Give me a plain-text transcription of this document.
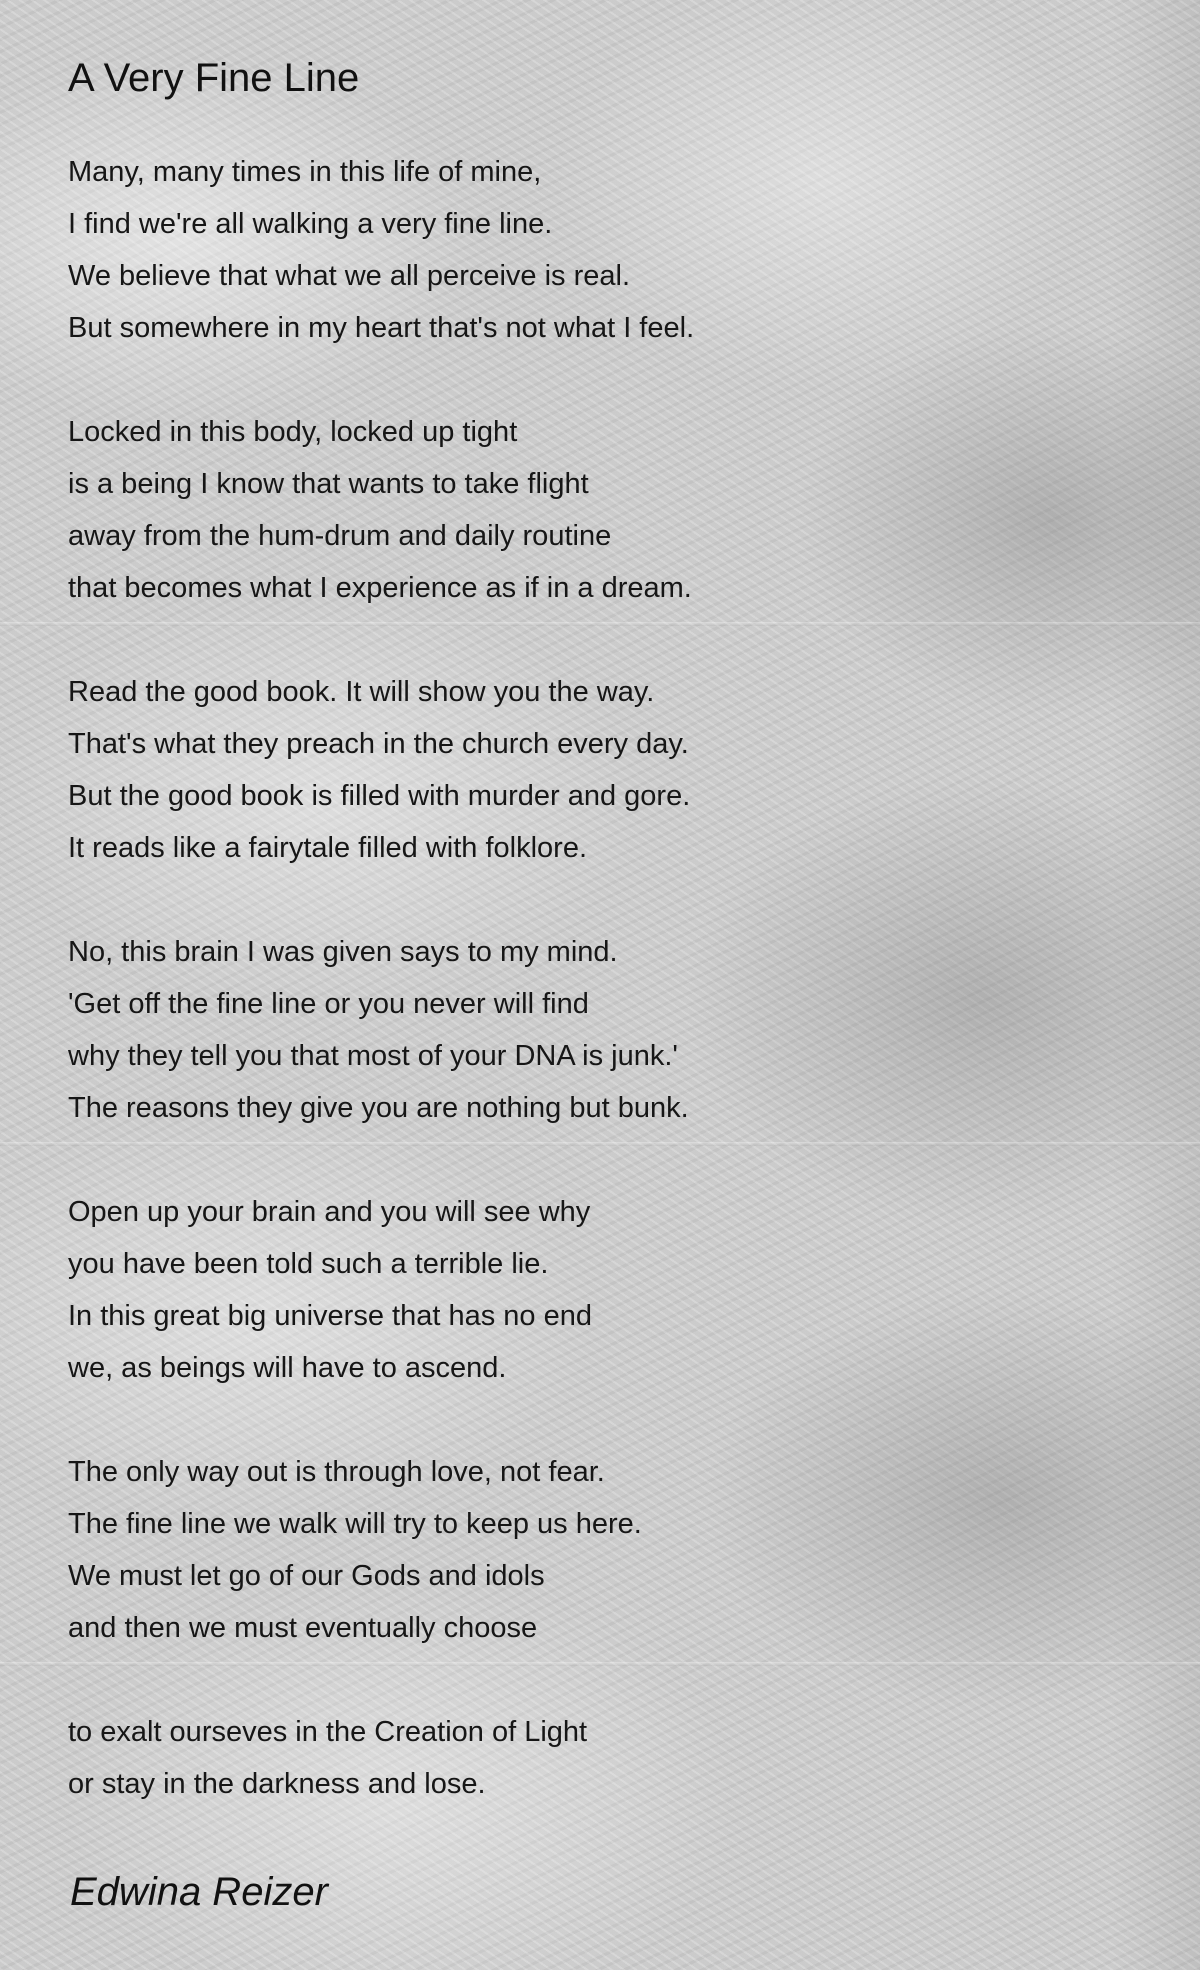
A Very Fine Line
Many, many times in this life of mine,
I find we're all walking a very fine line.
We believe that what we all perceive is real.
But somewhere in my heart that's not what I feel.
Locked in this body, locked up tight
is a being I know that wants to take flight
away from the hum-drum and daily routine
that becomes what I experience as if in a dream.
Read the good book. It will show you the way.
That's what they preach in the church every day.
But the good book is filled with murder and gore.
It reads like a fairytale filled with folklore.
No, this brain I was given says to my mind.
'Get off the fine line or you never will find
why they tell you that most of your DNA is junk.'
The reasons they give you are nothing but bunk.
Open up your brain and you will see why
you have been told such a terrible lie.
In this great big universe that has no end
we, as beings will have to ascend.
The only way out is through love, not fear.
The fine line we walk will try to keep us here.
We must let go of our Gods and idols
and then we must eventually choose
to exalt ourseves in the Creation of Light
or stay in the darkness and lose.
Edwina Reizer
